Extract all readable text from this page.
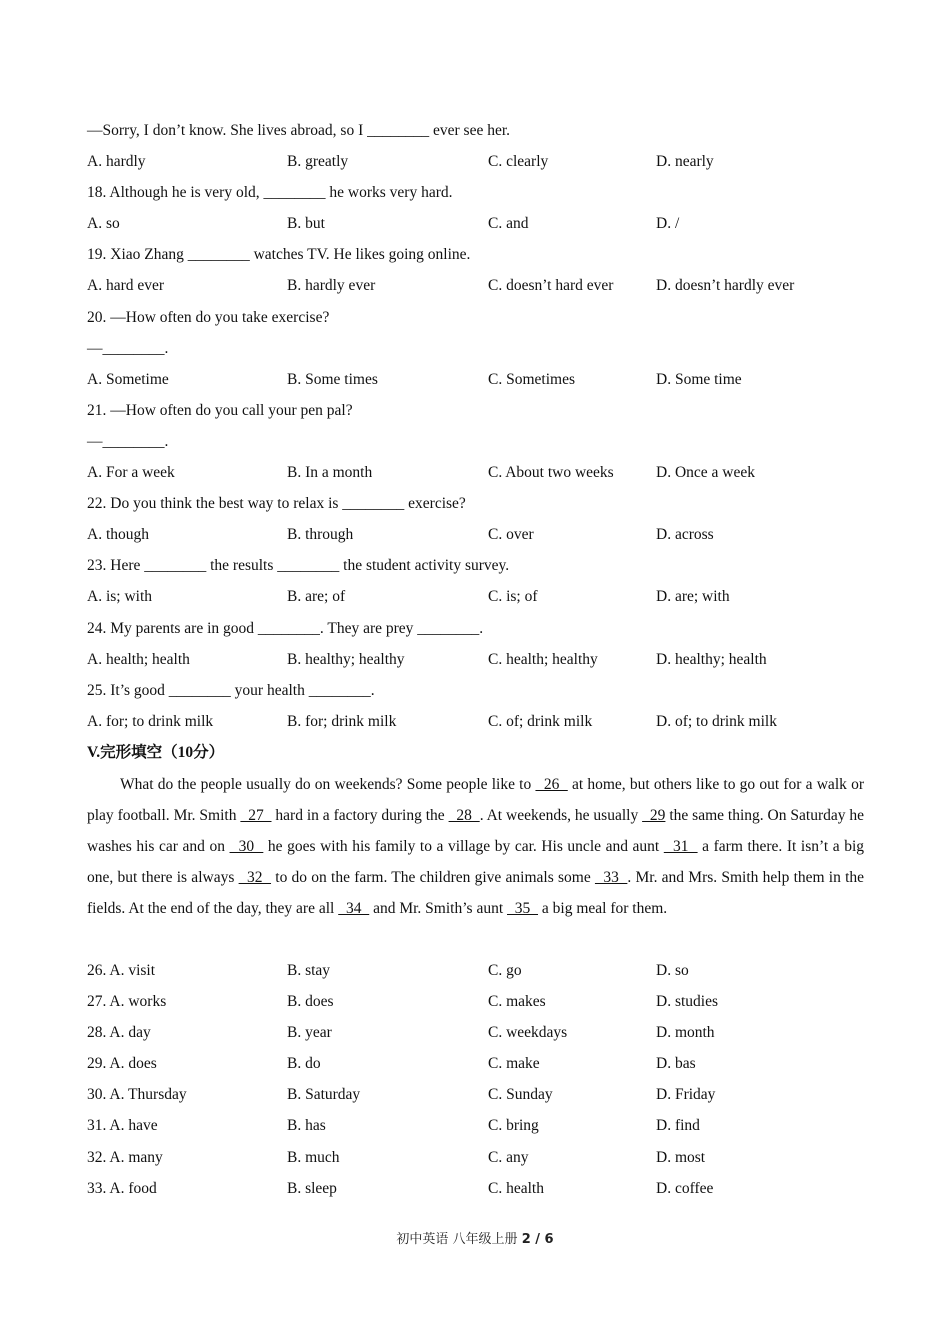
—Sorry, I don’t know. She lives abroad, so I ________ ever see her.
A. hardly	B. greatly	C. clearly	D. nearly
18. Although he is very old, ________ he works very hard.
A. so	B. but	C. and	D. /
19. Xiao Zhang ________ watches TV. He likes going online.
A. hard ever	B. hardly ever	C. doesn’t hard ever	D. doesn’t hardly ever
20. —How often do you take exercise?
—________.
A. Sometime	B. Some times	C. Sometimes	D. Some time
21. —How often do you call your pen pal?
—________.
A. For a week	B. In a month	C. About two weeks	D. Once a week
22. Do you think the best way to relax is ________ exercise?
A. though	B. through	C. over	D. across
23. Here ________ the results ________ the student activity survey.
A. is; with	B. are; of	C. is; of	D. are; with
24. My parents are in good ________. They are prey ________.
A. health; health	B. healthy; healthy	C. health; healthy	D. healthy; health
25. It’s good ________ your health ________.
A. for; to drink milk	B. for; drink milk	C. of; drink milk	D. of; to drink milk
V.完形填空（10分）
What do the people usually do on weekends? Some people like to   26   at home, but others like to go out for a walk or play football. Mr. Smith   27   hard in a factory during the   28  . At weekends, he usually   29 the same thing. On Saturday he washes his car and on   30   he goes with his family to a village by car. His uncle and aunt   31   a farm there. It isn’t a big one, but there is always   32   to do on the farm. The children give animals some   33  . Mr. and Mrs. Smith help them in the fields. At the end of the day, they are all   34   and Mr. Smith’s aunt   35   a big meal for them.
26. A. visit	B. stay	C. go	D. so
27. A. works	B. does	C. makes	D. studies
28. A. day	B. year	C. weekdays	D. month
29. A. does	B. do	C. make	D. bas
30. A. Thursday	B. Saturday	C. Sunday	D. Friday
31. A. have	B. has	C. bring	D. find
32. A. many	B. much	C. any	D. most
33. A. food	B. sleep	C. health	D. coffee
初中英语 八年级上册 2 / 6
